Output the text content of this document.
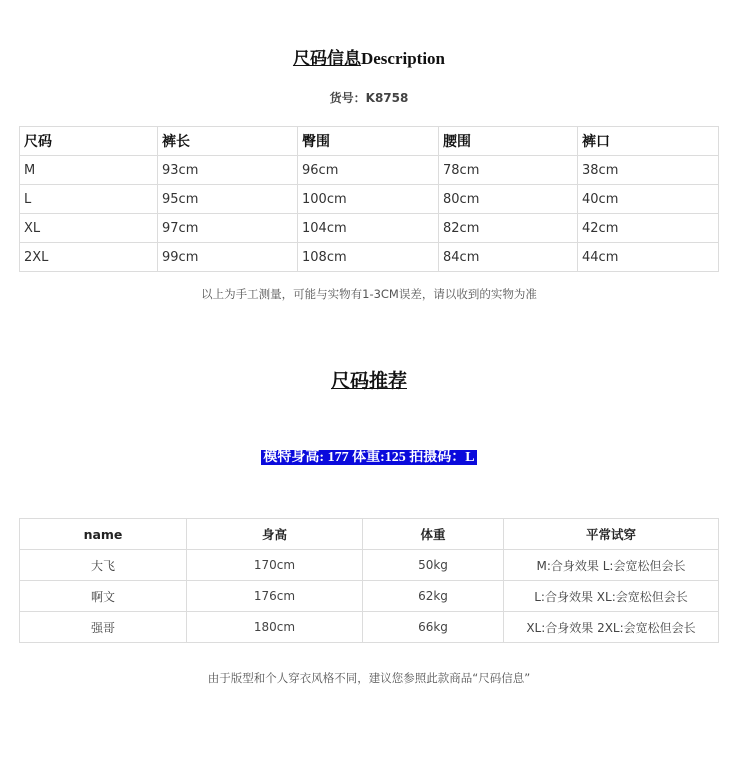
尺码信息Description
货号：K8758
尺码	裤长	臀围	腰围	裤口
M	93cm	96cm	78cm	38cm
L	95cm	100cm	80cm	40cm
XL	97cm	104cm	82cm	42cm
2XL	99cm	108cm	84cm	44cm
以上为手工测量，可能与实物有1-3CM误差，请以收到的实物为准
尺码推荐
模特身高: 177 体重:125 拍摄码：L
name	身高	体重	平常试穿
大飞	170cm	50kg	M:合身效果 L:会宽松但会长
啊文	176cm	62kg	L:合身效果 XL:会宽松但会长
强哥	180cm	66kg	XL:合身效果 2XL:会宽松但会长
由于版型和个人穿衣风格不同，建议您参照此款商品“尺码信息”
